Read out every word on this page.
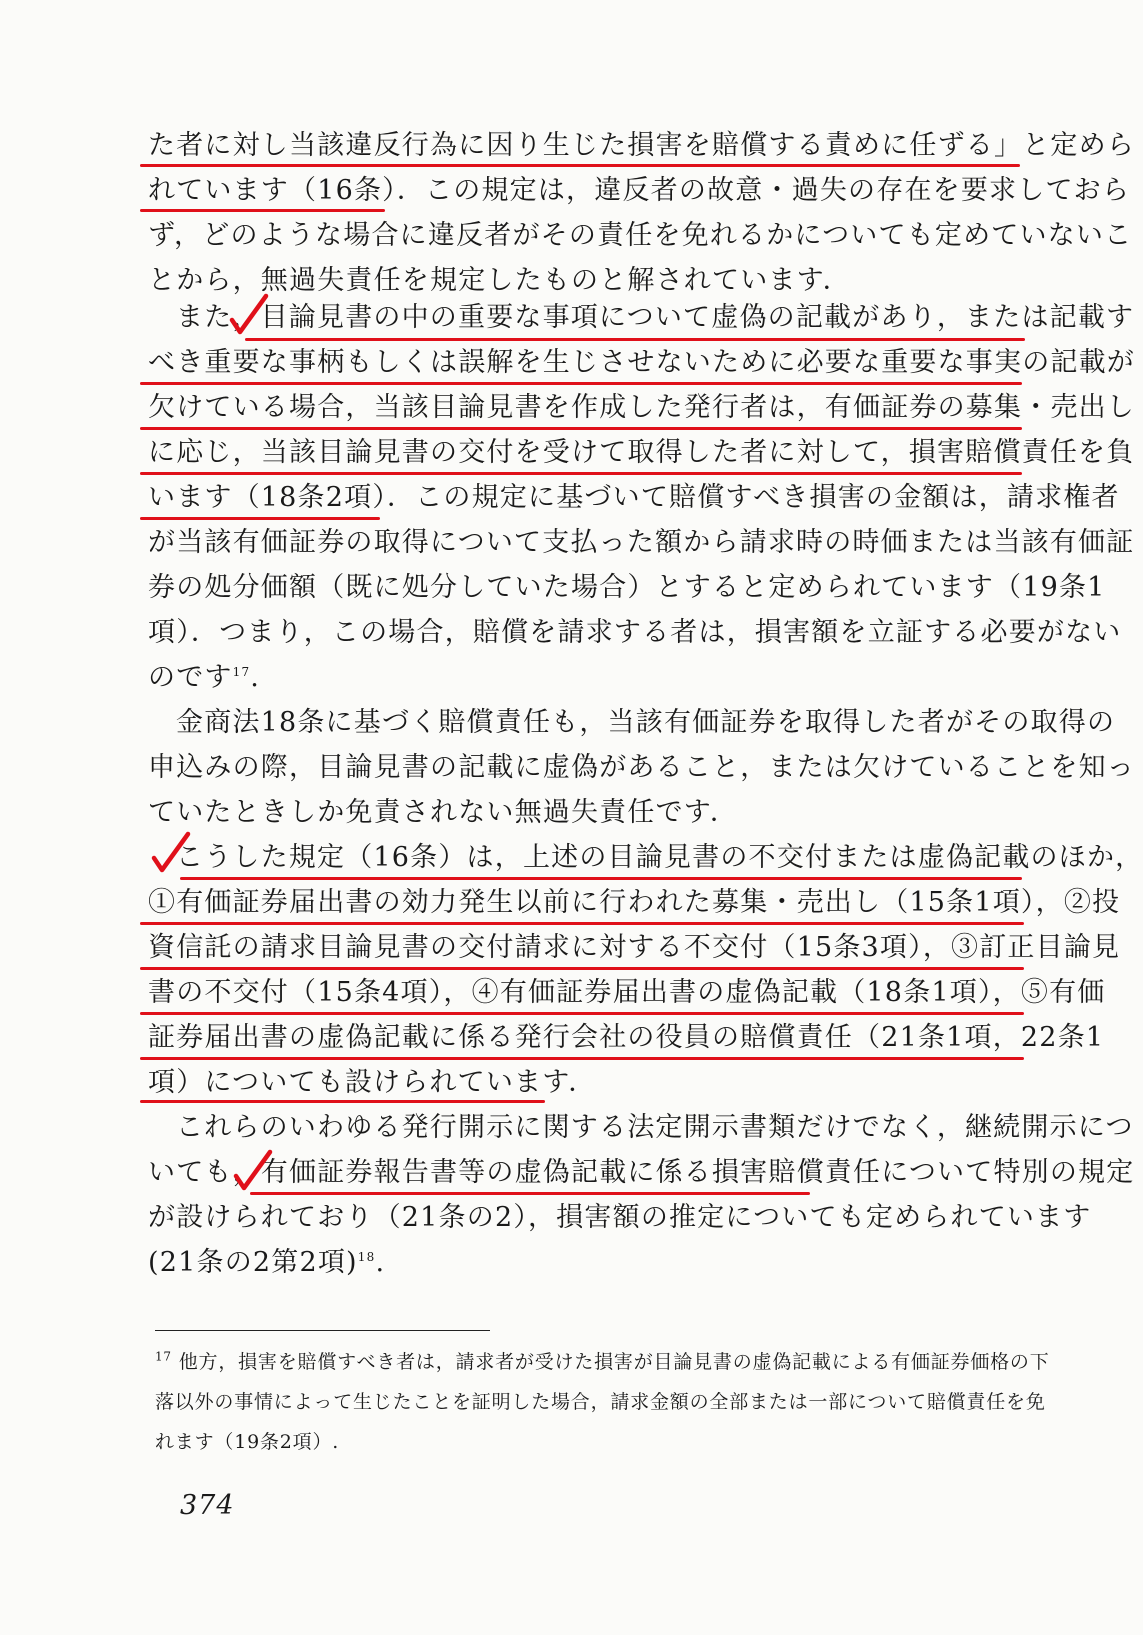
た者に対し当該違反行為に因り生じた損害を賠償する責めに任ずる」と定めら
れています（16条）．この規定は，違反者の故意・過失の存在を要求しておら
ず，どのような場合に違反者がその責任を免れるかについても定めていないこ
とから，無過失責任を規定したものと解されています．
また，目論見書の中の重要な事項について虚偽の記載があり，または記載す
べき重要な事柄もしくは誤解を生じさせないために必要な重要な事実の記載が
欠けている場合，当該目論見書を作成した発行者は，有価証券の募集・売出し
に応じ，当該目論見書の交付を受けて取得した者に対して，損害賠償責任を負
います（18条2項）．この規定に基づいて賠償すべき損害の金額は，請求権者
が当該有価証券の取得について支払った額から請求時の時価または当該有価証
券の処分価額（既に処分していた場合）とすると定められています（19条1
項）．つまり，この場合，賠償を請求する者は，損害額を立証する必要がない
のです$^{17}$.
金商法18条に基づく賠償責任も，当該有価証券を取得した者がその取得の
申込みの際，目論見書の記載に虚偽があること，または欠けていることを知っ
ていたときしか免責されない無過失責任です．
こうした規定（16条）は，上述の目論見書の不交付または虚偽記載のほか，
①有価証券届出書の効力発生以前に行われた募集・売出し（15条1項），②投
資信託の請求目論見書の交付請求に対する不交付（15条3項），③訂正目論見
書の不交付（15条4項），④有価証券届出書の虚偽記載（18条1項），⑤有価
証券届出書の虚偽記載に係る発行会社の役員の賠償責任（21条1項，22条1
項）についても設けられています．
これらのいわゆる発行開示に関する法定開示書類だけでなく，継続開示につ
いても，有価証券報告書等の虚偽記載に係る損害賠償責任について特別の規定
が設けられており（21条の2），損害額の推定についても定められています
(21条の2第2項)$^{18}$.
$^{17}$ 他方，損害を賠償すべき者は，請求者が受けた損害が目論見書の虚偽記載による有価証券価格の下
落以外の事情によって生じたことを証明した場合，請求金額の全部または一部について賠償責任を免
れます（19条2項）.
374
